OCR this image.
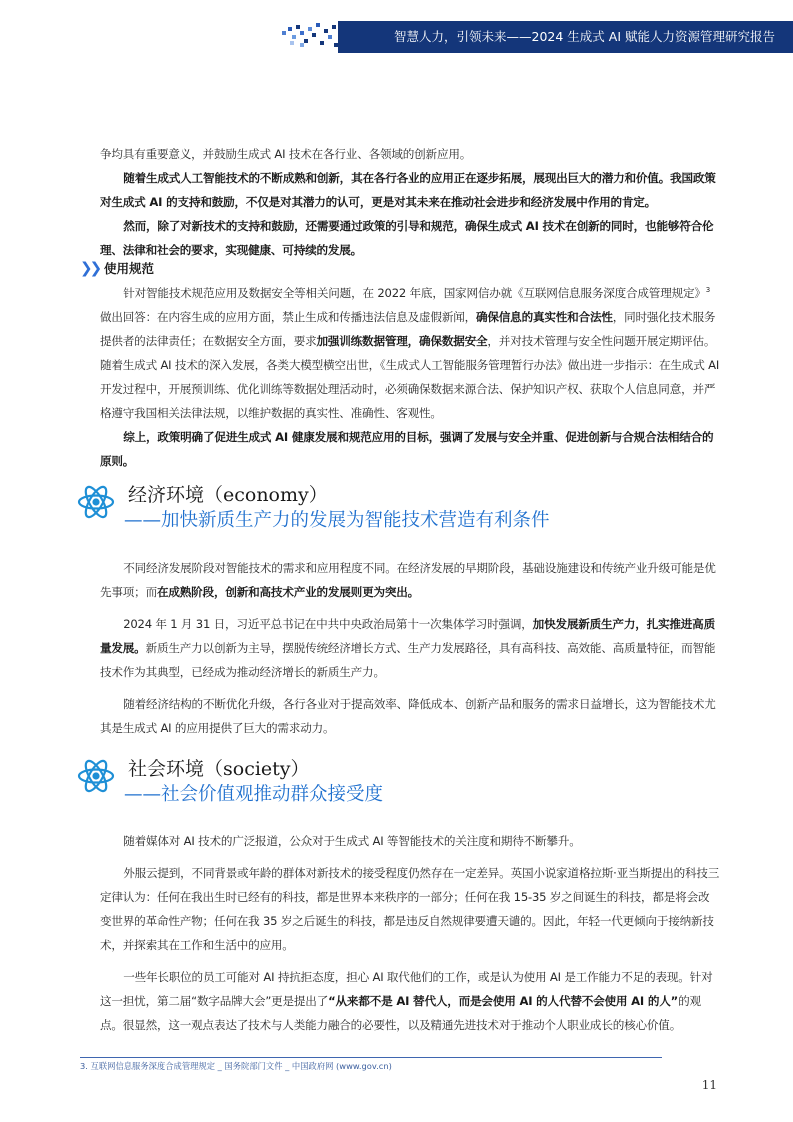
智慧人力，引领未来——2024 生成式 AI 赋能人力资源管理研究报告

争均具有重要意义，并鼓励生成式 AI 技术在各行业、各领域的创新应用。

随着生成式人工智能技术的不断成熟和创新，其在各行各业的应用正在逐步拓展，展现出巨大的潜力和价值。我国政策对生成式 AI 的支持和鼓励，不仅是对其潜力的认可，更是对其未来在推动社会进步和经济发展中作用的肯定。

然而，除了对新技术的支持和鼓励，还需要通过政策的引导和规范，确保生成式 AI 技术在创新的同时，也能够符合伦理、法律和社会的要求，实现健康、可持续的发展。

❯❯ 使用规范

针对智能技术规范应用及数据安全等相关问题，在 2022 年底，国家网信办就《互联网信息服务深度合成管理规定》$^3$做出回答：在内容生成的应用方面，禁止生成和传播违法信息及虚假新闻，确保信息的真实性和合法性，同时强化技术服务提供者的法律责任；在数据安全方面，要求加强训练数据管理，确保数据安全，并对技术管理与安全性问题开展定期评估。随着生成式 AI 技术的深入发展，各类大模型横空出世，《生成式人工智能服务管理暂行办法》做出进一步指示：在生成式 AI 开发过程中，开展预训练、优化训练等数据处理活动时，必须确保数据来源合法、保护知识产权、获取个人信息同意，并严格遵守我国相关法律法规，以维护数据的真实性、准确性、客观性。

综上，政策明确了促进生成式 AI 健康发展和规范应用的目标，强调了发展与安全并重、促进创新与合规合法相结合的原则。

经济环境（economy）
——加快新质生产力的发展为智能技术营造有利条件

不同经济发展阶段对智能技术的需求和应用程度不同。在经济发展的早期阶段，基础设施建设和传统产业升级可能是优先事项；而在成熟阶段，创新和高技术产业的发展则更为突出。

2024 年 1 月 31 日，习近平总书记在中共中央政治局第十一次集体学习时强调，加快发展新质生产力，扎实推进高质量发展。新质生产力以创新为主导，摆脱传统经济增长方式、生产力发展路径，具有高科技、高效能、高质量特征，而智能技术作为其典型，已经成为推动经济增长的新质生产力。

随着经济结构的不断优化升级，各行各业对于提高效率、降低成本、创新产品和服务的需求日益增长，这为智能技术尤其是生成式 AI 的应用提供了巨大的需求动力。

社会环境（society）
——社会价值观推动群众接受度

随着媒体对 AI 技术的广泛报道，公众对于生成式 AI 等智能技术的关注度和期待不断攀升。

外服云提到，不同背景或年龄的群体对新技术的接受程度仍然存在一定差异。英国小说家道格拉斯·亚当斯提出的科技三定律认为：任何在我出生时已经有的科技，都是世界本来秩序的一部分；任何在我 15-35 岁之间诞生的科技，都是将会改变世界的革命性产物；任何在我 35 岁之后诞生的科技，都是违反自然规律要遭天谴的。因此，年轻一代更倾向于接纳新技术，并探索其在工作和生活中的应用。

一些年长职位的员工可能对 AI 持抗拒态度，担心 AI 取代他们的工作，或是认为使用 AI 是工作能力不足的表现。针对这一担忧，第二届“数字品牌大会”更是提出了“从来都不是 AI 替代人，而是会使用 AI 的人代替不会使用 AI 的人”的观点。很显然，这一观点表达了技术与人类能力融合的必要性，以及精通先进技术对于推动个人职业成长的核心价值。

3. 互联网信息服务深度合成管理规定 _ 国务院部门文件 _ 中国政府网 (www.gov.cn)
11
